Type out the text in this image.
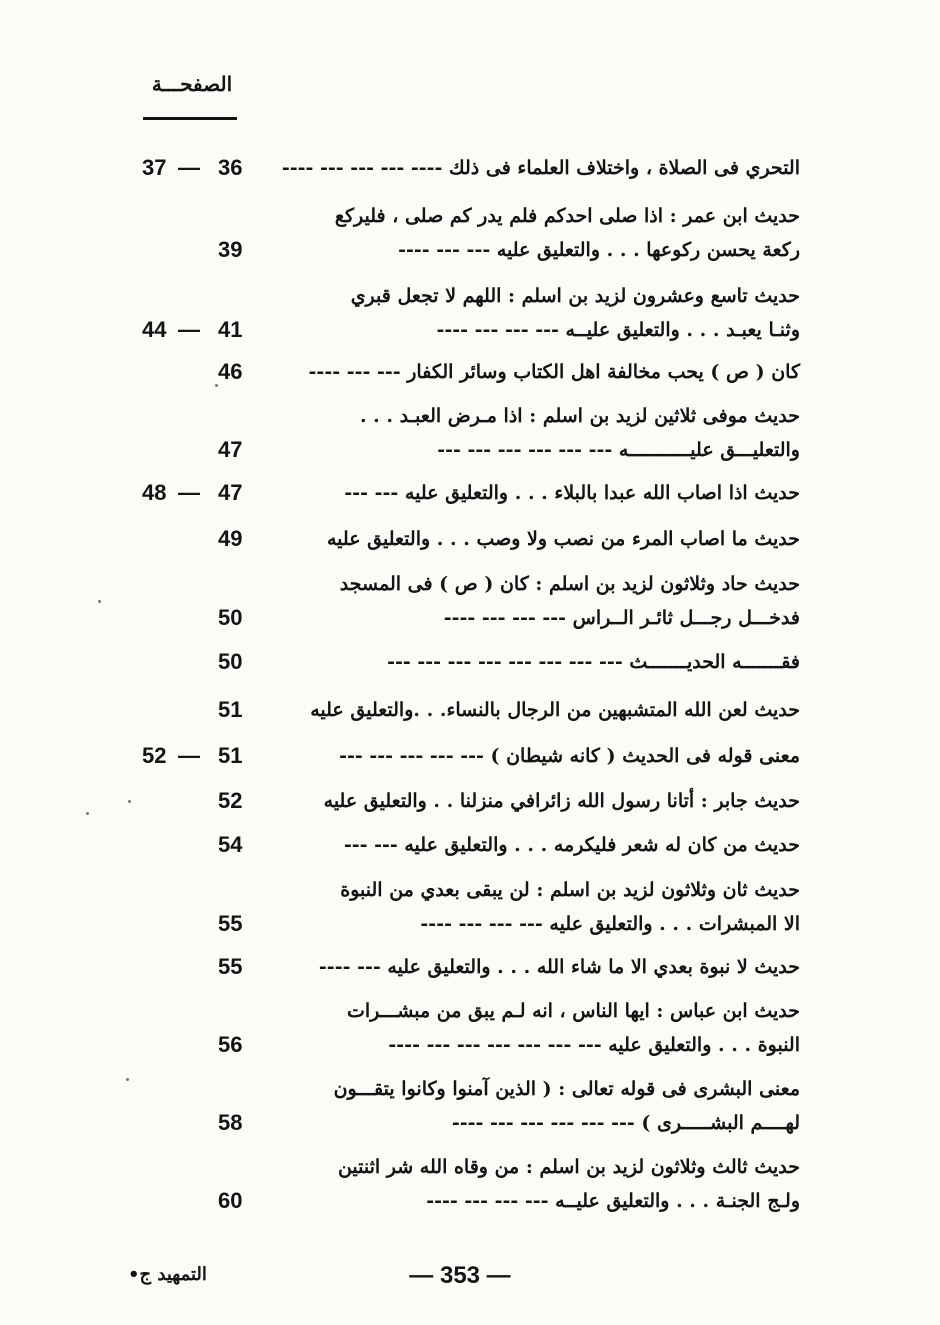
الصفحـــة
التحري فى الصلاة ، واختلاف العلماء فى ذلك ---- --- --- --- ----
36
—
37
حديث ابن عمر : اذا صلى احدكم فلم يدر كم صلى ، فليركع
ركعة يحسن ركوعها . . . والتعليق عليه --- --- ----
39
حديث تاسع وعشرون لزيد بن اسلم : اللهم لا تجعل قبري
وثنـا يعبـد . . . والتعليق عليــه --- --- --- ----
41
—
44
كان ( ص ) يحب مخالفة اهل الكتاب وسائر الكفار --- --- ----
46
حديث موفى ثلاثين لزيد بن اسلم : اذا مـرض العبـد . . .
والتعليـــق عليـــــــــــه --- --- --- --- --- ---
47
حديث اذا اصاب الله عبدا بالبلاء . . . والتعليق عليه --- ---
47
—
48
حديث ما اصاب المرء من نصب ولا وصب . . . والتعليق عليه
49
حديث حاد وثلاثون لزيد بن اسلم : كان ( ص ) فى المسجد
فدخـــل رجـــل ثائـر الــراس --- --- --- ----
50
فقـــــــه الحديـــــــث --- --- --- --- --- --- --- ---
50
حديث لعن الله المتشبهين من الرجال بالنساء. . .والتعليق عليه
51
معنى قوله فى الحديث ( كانه شيطان ) --- --- --- --- ---
51
—
52
حديث جابر : أتانا رسول الله زائرافي منزلنا . . والتعليق عليه
52
حديث من كان له شعر فليكرمه . . . والتعليق عليه --- ---
54
حديث ثان وثلاثون لزيد بن اسلم : لن يبقى بعدي من النبوة
الا المبشرات . . . والتعليق عليه --- --- --- ----
55
حديث لا نبوة بعدي الا ما شاء الله . . . والتعليق عليه --- ----
55
حديث ابن عباس : ايها الناس ، انه لـم يبق من مبشـــرات
النبوة . . . والتعليق عليه --- --- --- --- --- --- ----
56
معنى البشرى فى قوله تعالى : ( الذين آمنوا وكانوا يتقـــون
لهــــم البشـــــرى ) --- --- --- --- --- ----
58
حديث ثالث وثلاثون لزيد بن اسلم : من وقاه الله شر اثنتين
ولـج الجنـة . . . والتعليق عليــه --- --- --- ----
60
التمهيد ج•	— 353 —
